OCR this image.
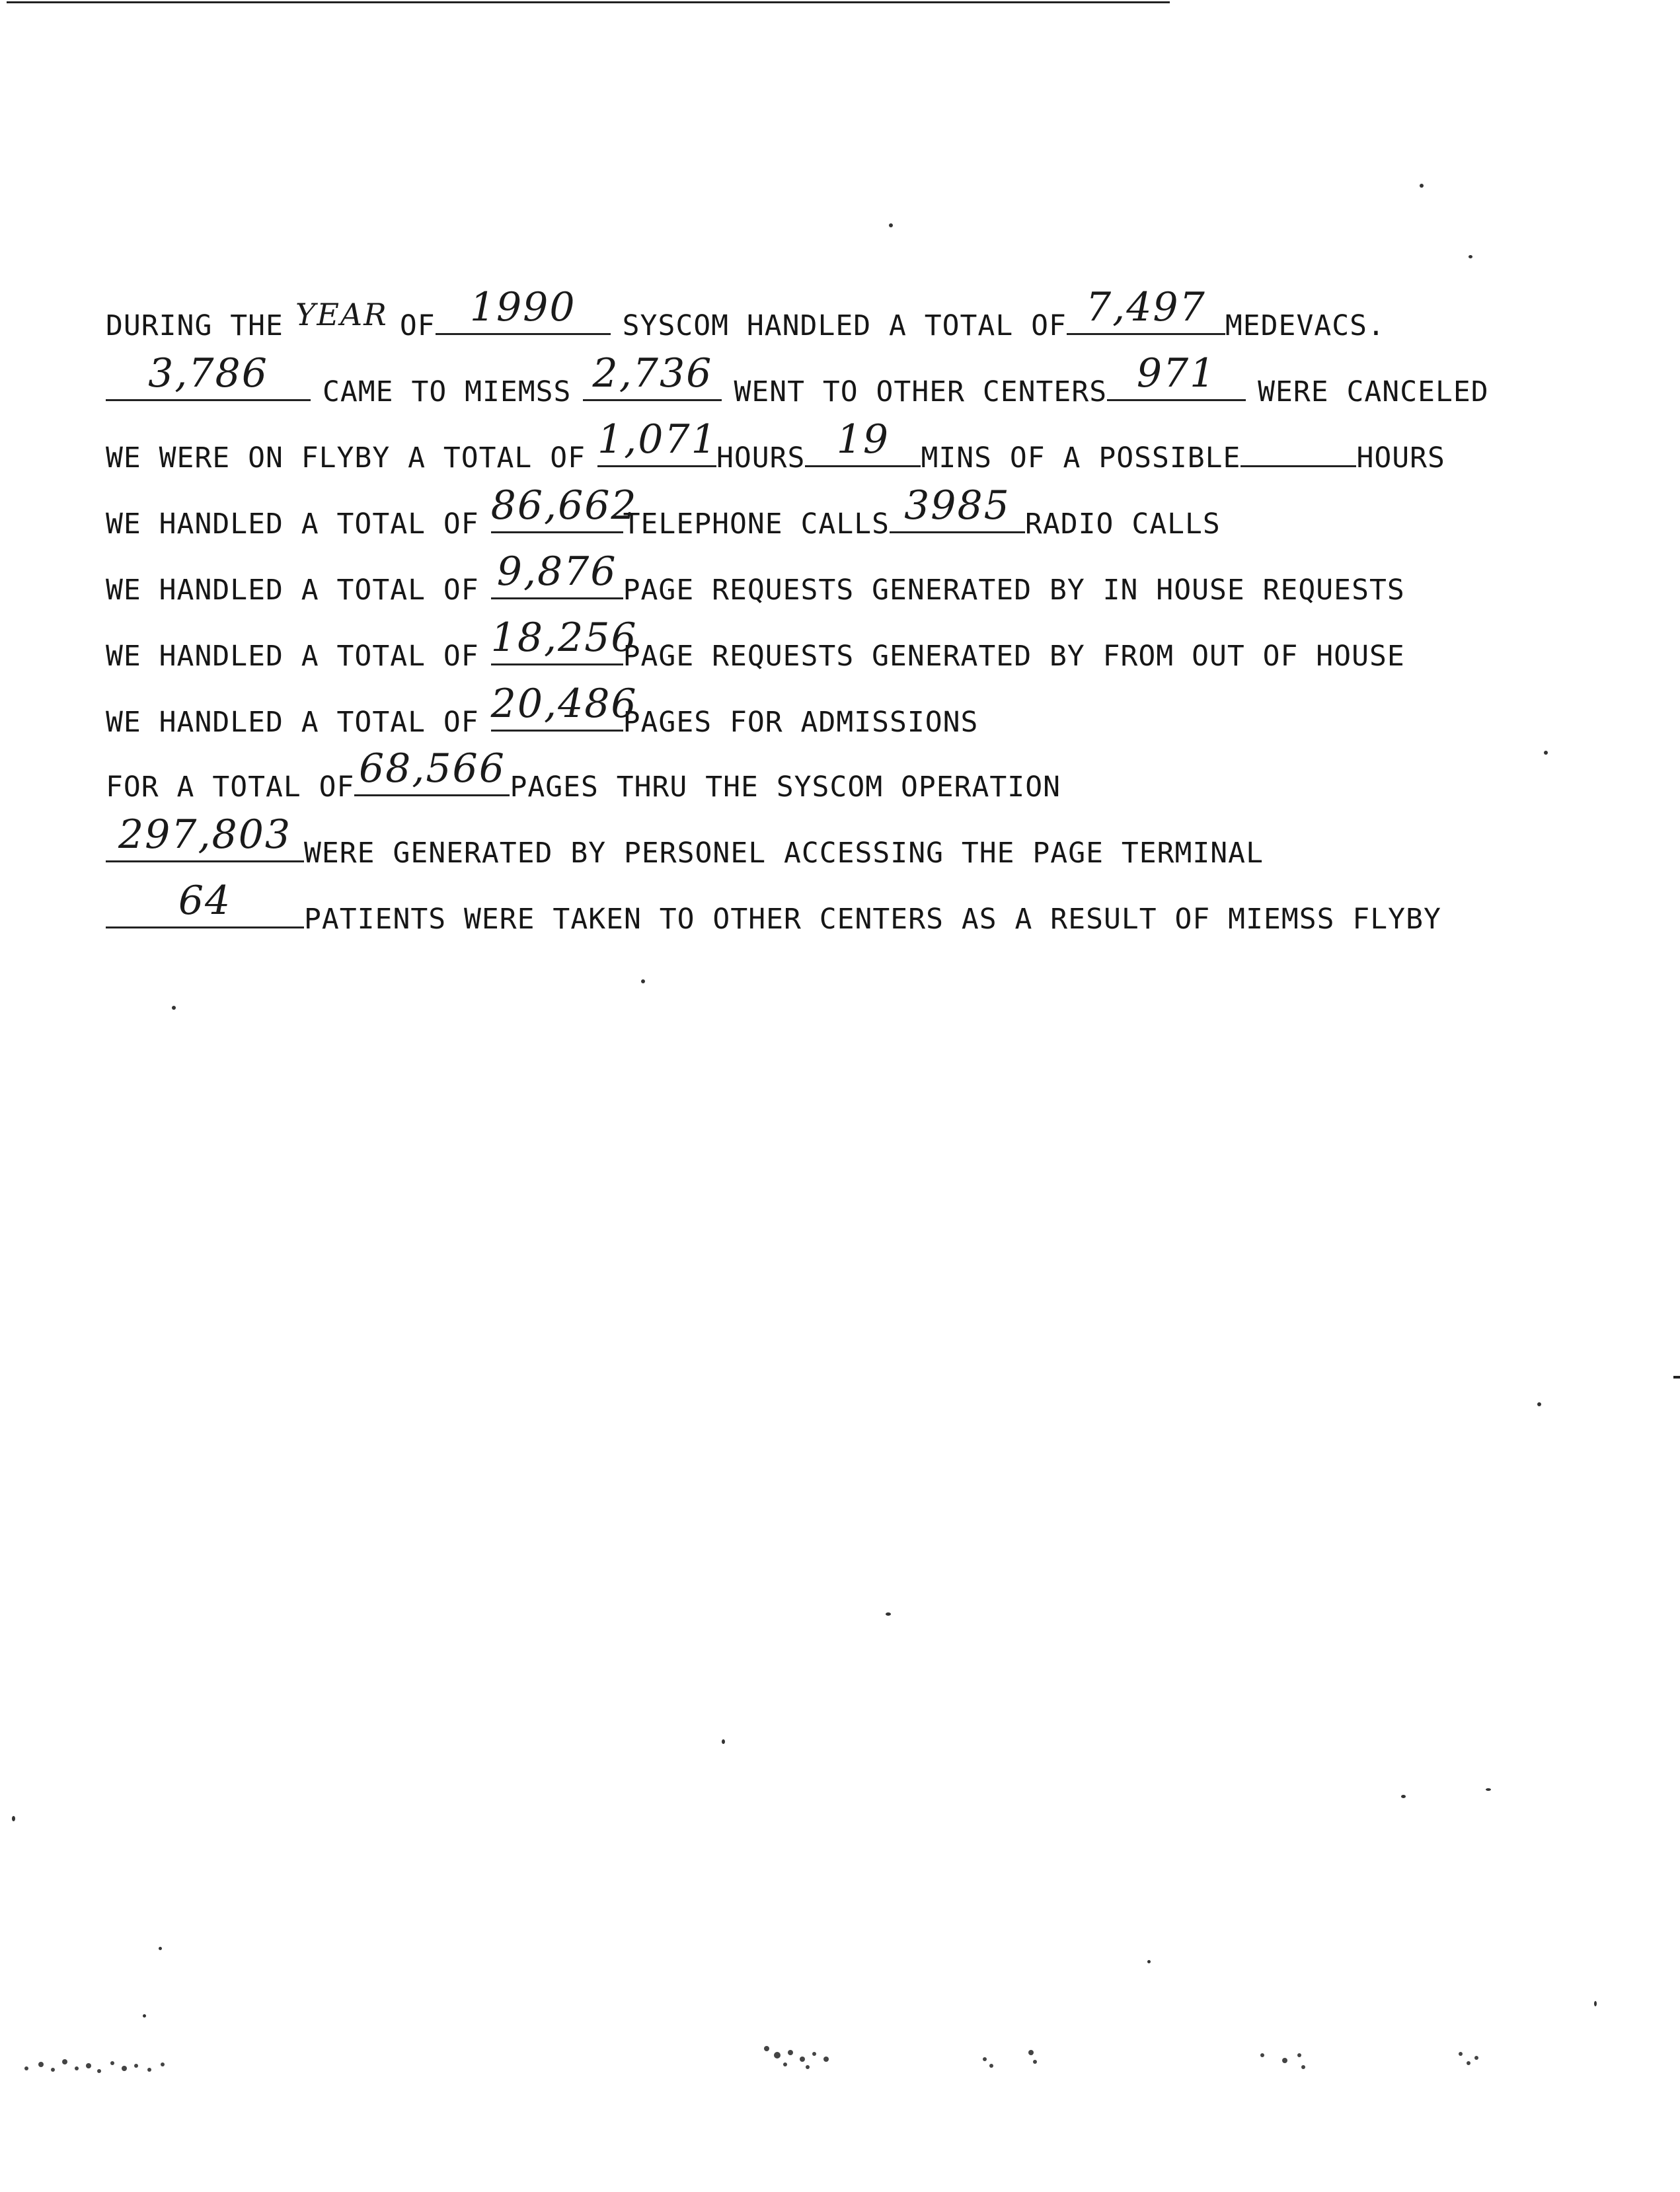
DURING THE YEAR OF 1990	SYSCOM HANDLED A TOTAL OF 7,497 MEDEVACS.
3,786	CAME TO MIEMSS 2,736 WENT TO OTHER CENTERS 971	WERE CANCELED
WE WERE ON FLYBY A TOTAL OF 1,071
HOURS 19	MINS OF A POSSIBLE	HOURS
WE HANDLED A TOTAL OF 86,662
TELEPHONE CALLS 3985 RADIO CALLS
WE HANDLED A TOTAL OF 9,876 PAGE REQUESTS GENERATED BY IN HOUSE REQUESTS
WE HANDLED A TOTAL OF 18,256
PAGE REQUESTS GENERATED BY FROM OUT OF HOUSE
WE HANDLED A TOTAL OF 20,486
PAGES FOR ADMISSIONS
FOR A TOTAL OF 68,566 PAGES THRU THE SYSCOM OPERATION
297,803 WERE GENERATED BY PERSONEL ACCESSING THE PAGE TERMINAL
64	PATIENTS WERE TAKEN TO OTHER CENTERS AS A RESULT OF MIEMSS FLYBY
